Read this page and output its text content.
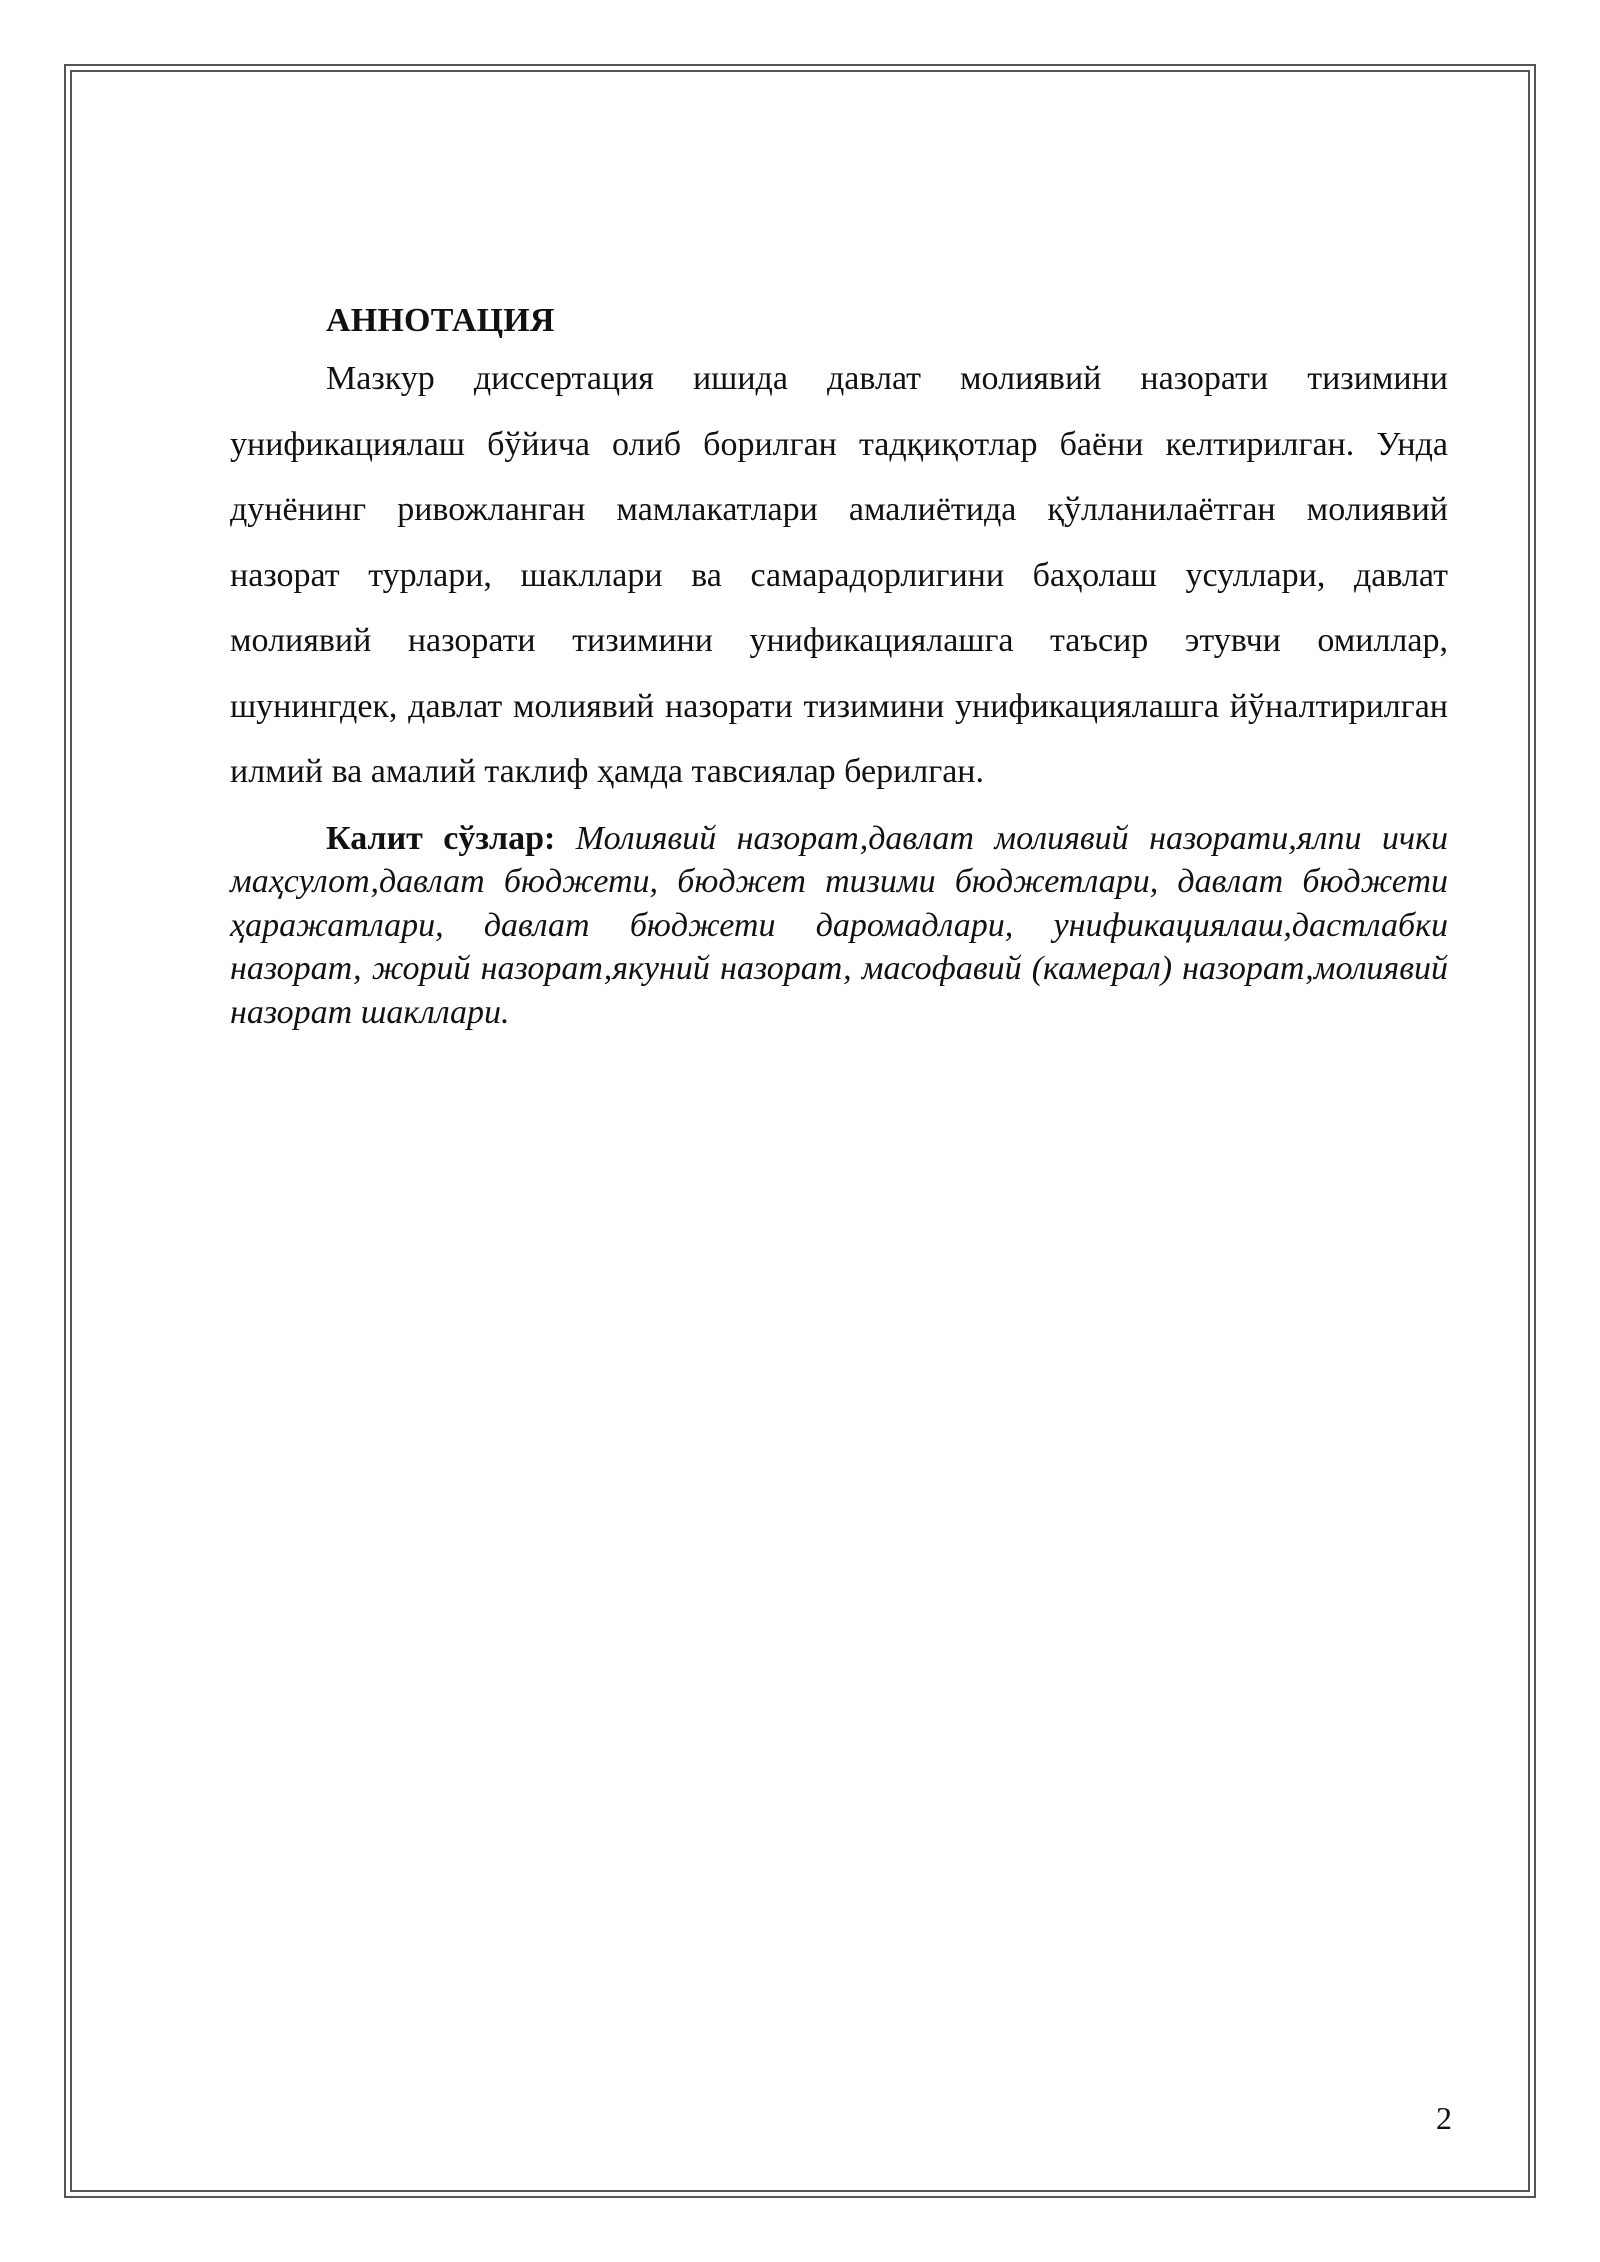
АННОТАЦИЯ

Мазкур диссертация ишида давлат молиявий назорати тизимини унификациялаш бўйича олиб борилган тадқиқотлар баёни келтирилган. Унда дунёнинг ривожланган мамлакатлари амалиётида қўлланилаётган молиявий назорат турлари, шакллари ва самарадорлигини баҳолаш усуллари, давлат молиявий назорати тизимини унификациялашга таъсир этувчи омиллар, шунингдек, давлат молиявий назорати тизимини унификациялашга йўналтирилган илмий ва амалий таклиф ҳамда тавсиялар берилган.

Калит сўзлар: Молиявий назорат,давлат молиявий назорати,ялпи ички маҳсулот,давлат бюджети, бюджет тизими бюджетлари, давлат бюджети ҳаражатлари, давлат бюджети даромадлари, унификациялаш,дастлабки назорат, жорий назорат,якуний назорат, масофавий (камерал) назорат,молиявий назорат шакллари.

2
